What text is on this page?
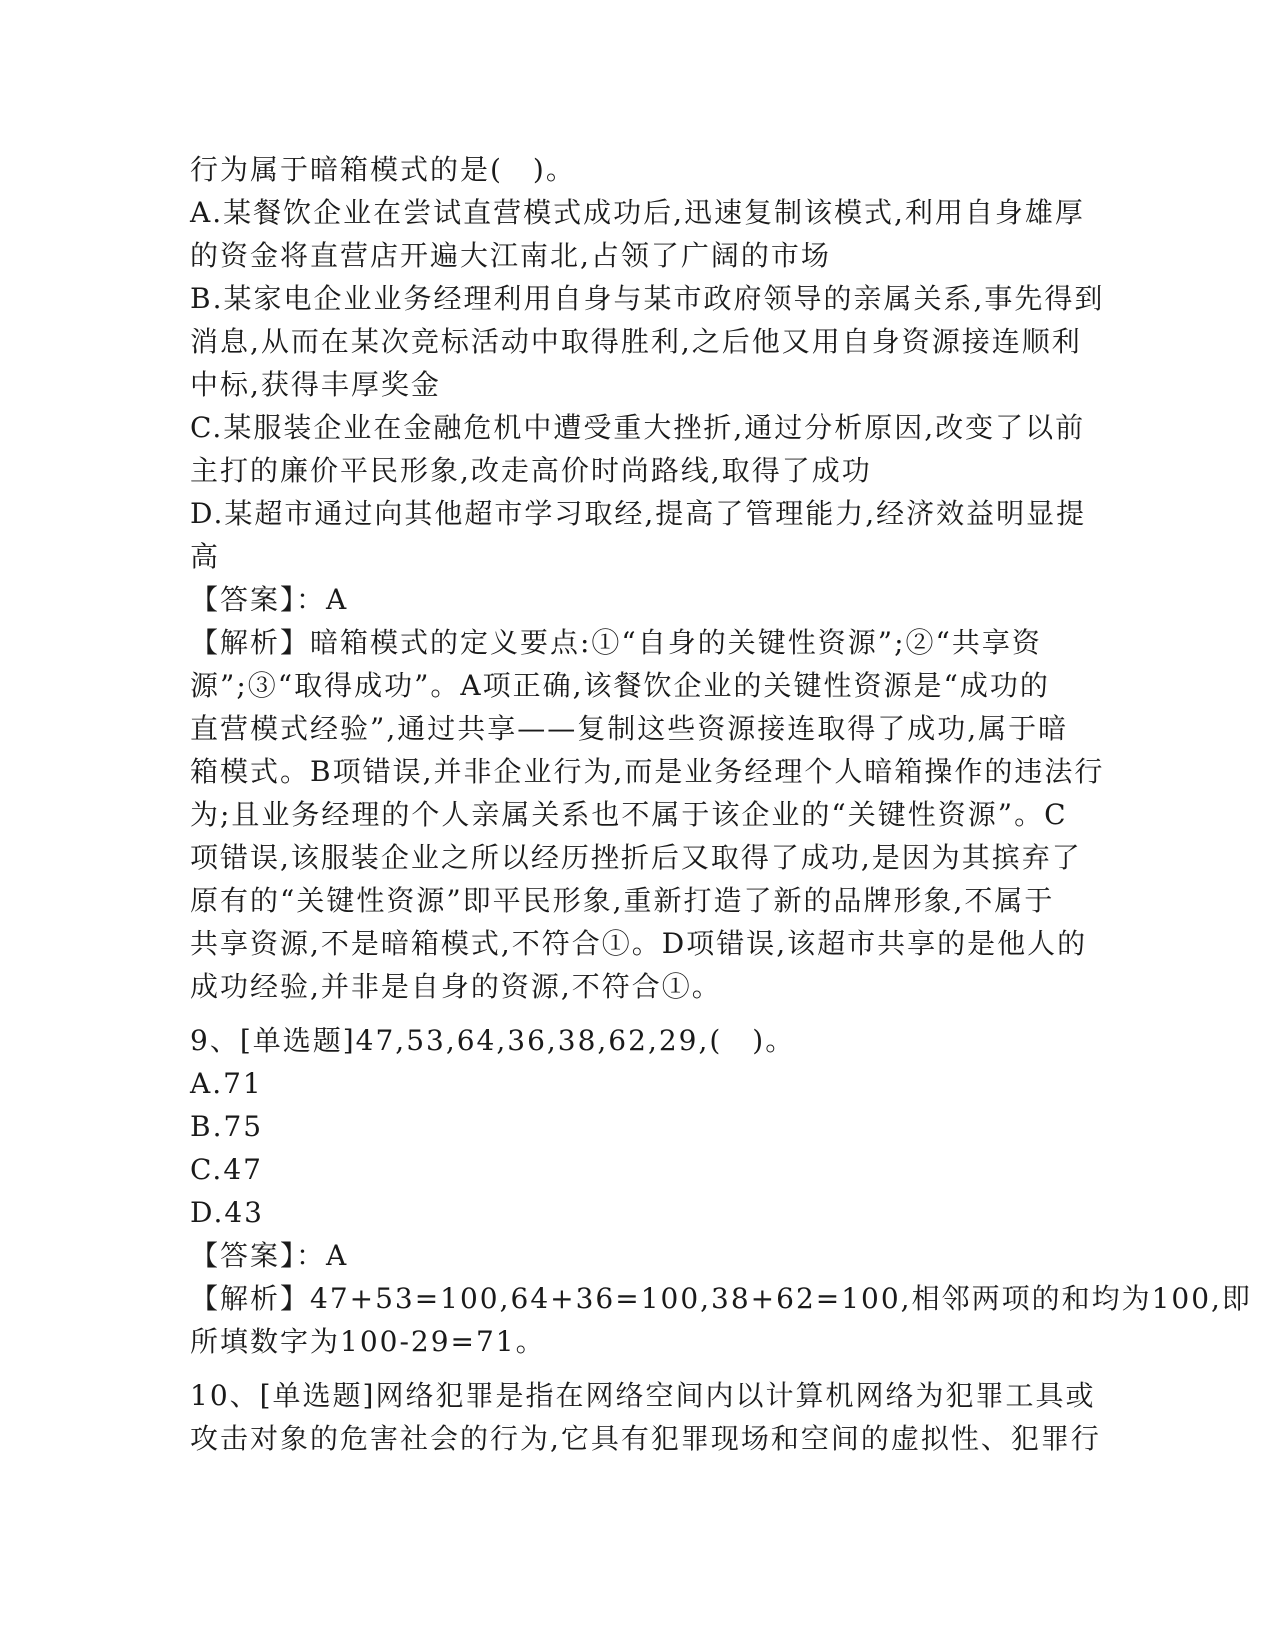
行为属于暗箱模式的是(　)。
A.某餐饮企业在尝试直营模式成功后,迅速复制该模式,利用自身雄厚
的资金将直营店开遍大江南北,占领了广阔的市场
B.某家电企业业务经理利用自身与某市政府领导的亲属关系,事先得到
消息,从而在某次竞标活动中取得胜利,之后他又用自身资源接连顺利
中标,获得丰厚奖金
C.某服装企业在金融危机中遭受重大挫折,通过分析原因,改变了以前
主打的廉价平民形象,改走高价时尚路线,取得了成功
D.某超市通过向其他超市学习取经,提高了管理能力,经济效益明显提
高
【答案】：A
【解析】暗箱模式的定义要点:①“自身的关键性资源”;②“共享资
源”;③“取得成功”。A项正确,该餐饮企业的关键性资源是“成功的
直营模式经验”,通过共享——复制这些资源接连取得了成功,属于暗
箱模式。B项错误,并非企业行为,而是业务经理个人暗箱操作的违法行
为;且业务经理的个人亲属关系也不属于该企业的“关键性资源”。C
项错误,该服装企业之所以经历挫折后又取得了成功,是因为其摈弃了
原有的“关键性资源”即平民形象,重新打造了新的品牌形象,不属于
共享资源,不是暗箱模式,不符合①。D项错误,该超市共享的是他人的
成功经验,并非是自身的资源,不符合①。
9、[单选题]47,53,64,36,38,62,29,(　)。
A.71
B.75
C.47
D.43
【答案】：A
【解析】47+53=100,64+36=100,38+62=100,相邻两项的和均为100,即
所填数字为100-29=71。
10、[单选题]网络犯罪是指在网络空间内以计算机网络为犯罪工具或
攻击对象的危害社会的行为,它具有犯罪现场和空间的虚拟性、犯罪行
